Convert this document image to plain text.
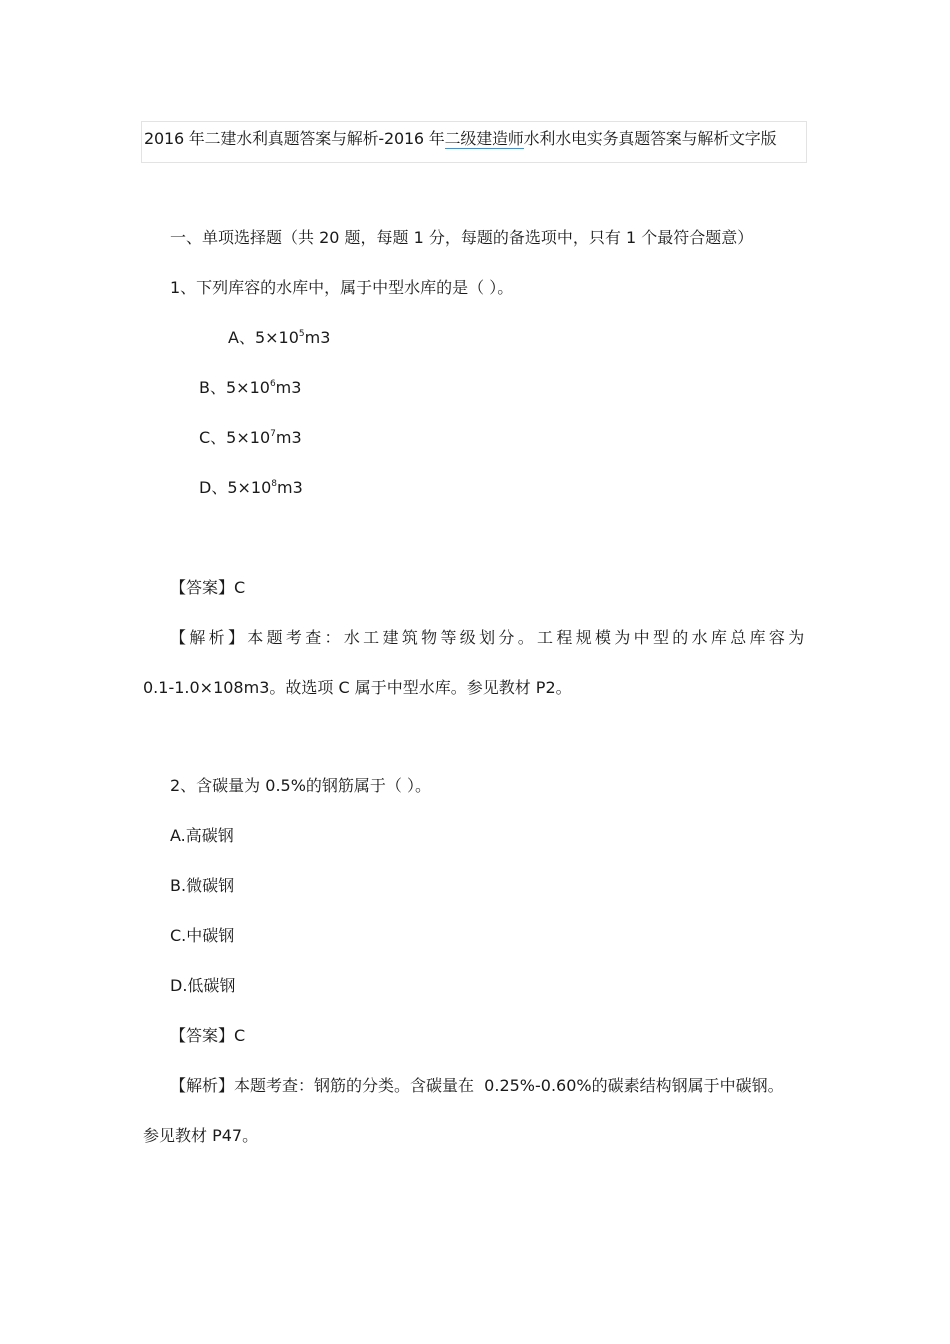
2016 年二建水利真题答案与解析-2016 年二级建造师水利水电实务真题答案与解析文字版
一、单项选择题（共 20 题，每题 1 分，每题的备选项中，只有 1 个最符合题意）
1、下列库容的水库中，属于中型水库的是（ ）。
A、$5\times 10^5m3$
B、$5\times 10^6m3$
C、$5\times 10^7m3$
D、$5\times 10^8m3$
【答案】C
【解析】本题考查：水工建筑物等级划分。工程规模为中型的水库总库容为
0.1-1.0×108m3。故选项 C 属于中型水库。参见教材 P2。
2、含碳量为 0.5%的钢筋属于（ ）。
A.高碳钢
B.微碳钢
C.中碳钢
D.低碳钢
【答案】C
【解析】本题考查：钢筋的分类。含碳量在  0.25%-0.60%的碳素结构钢属于中碳钢。
参见教材 P47。
